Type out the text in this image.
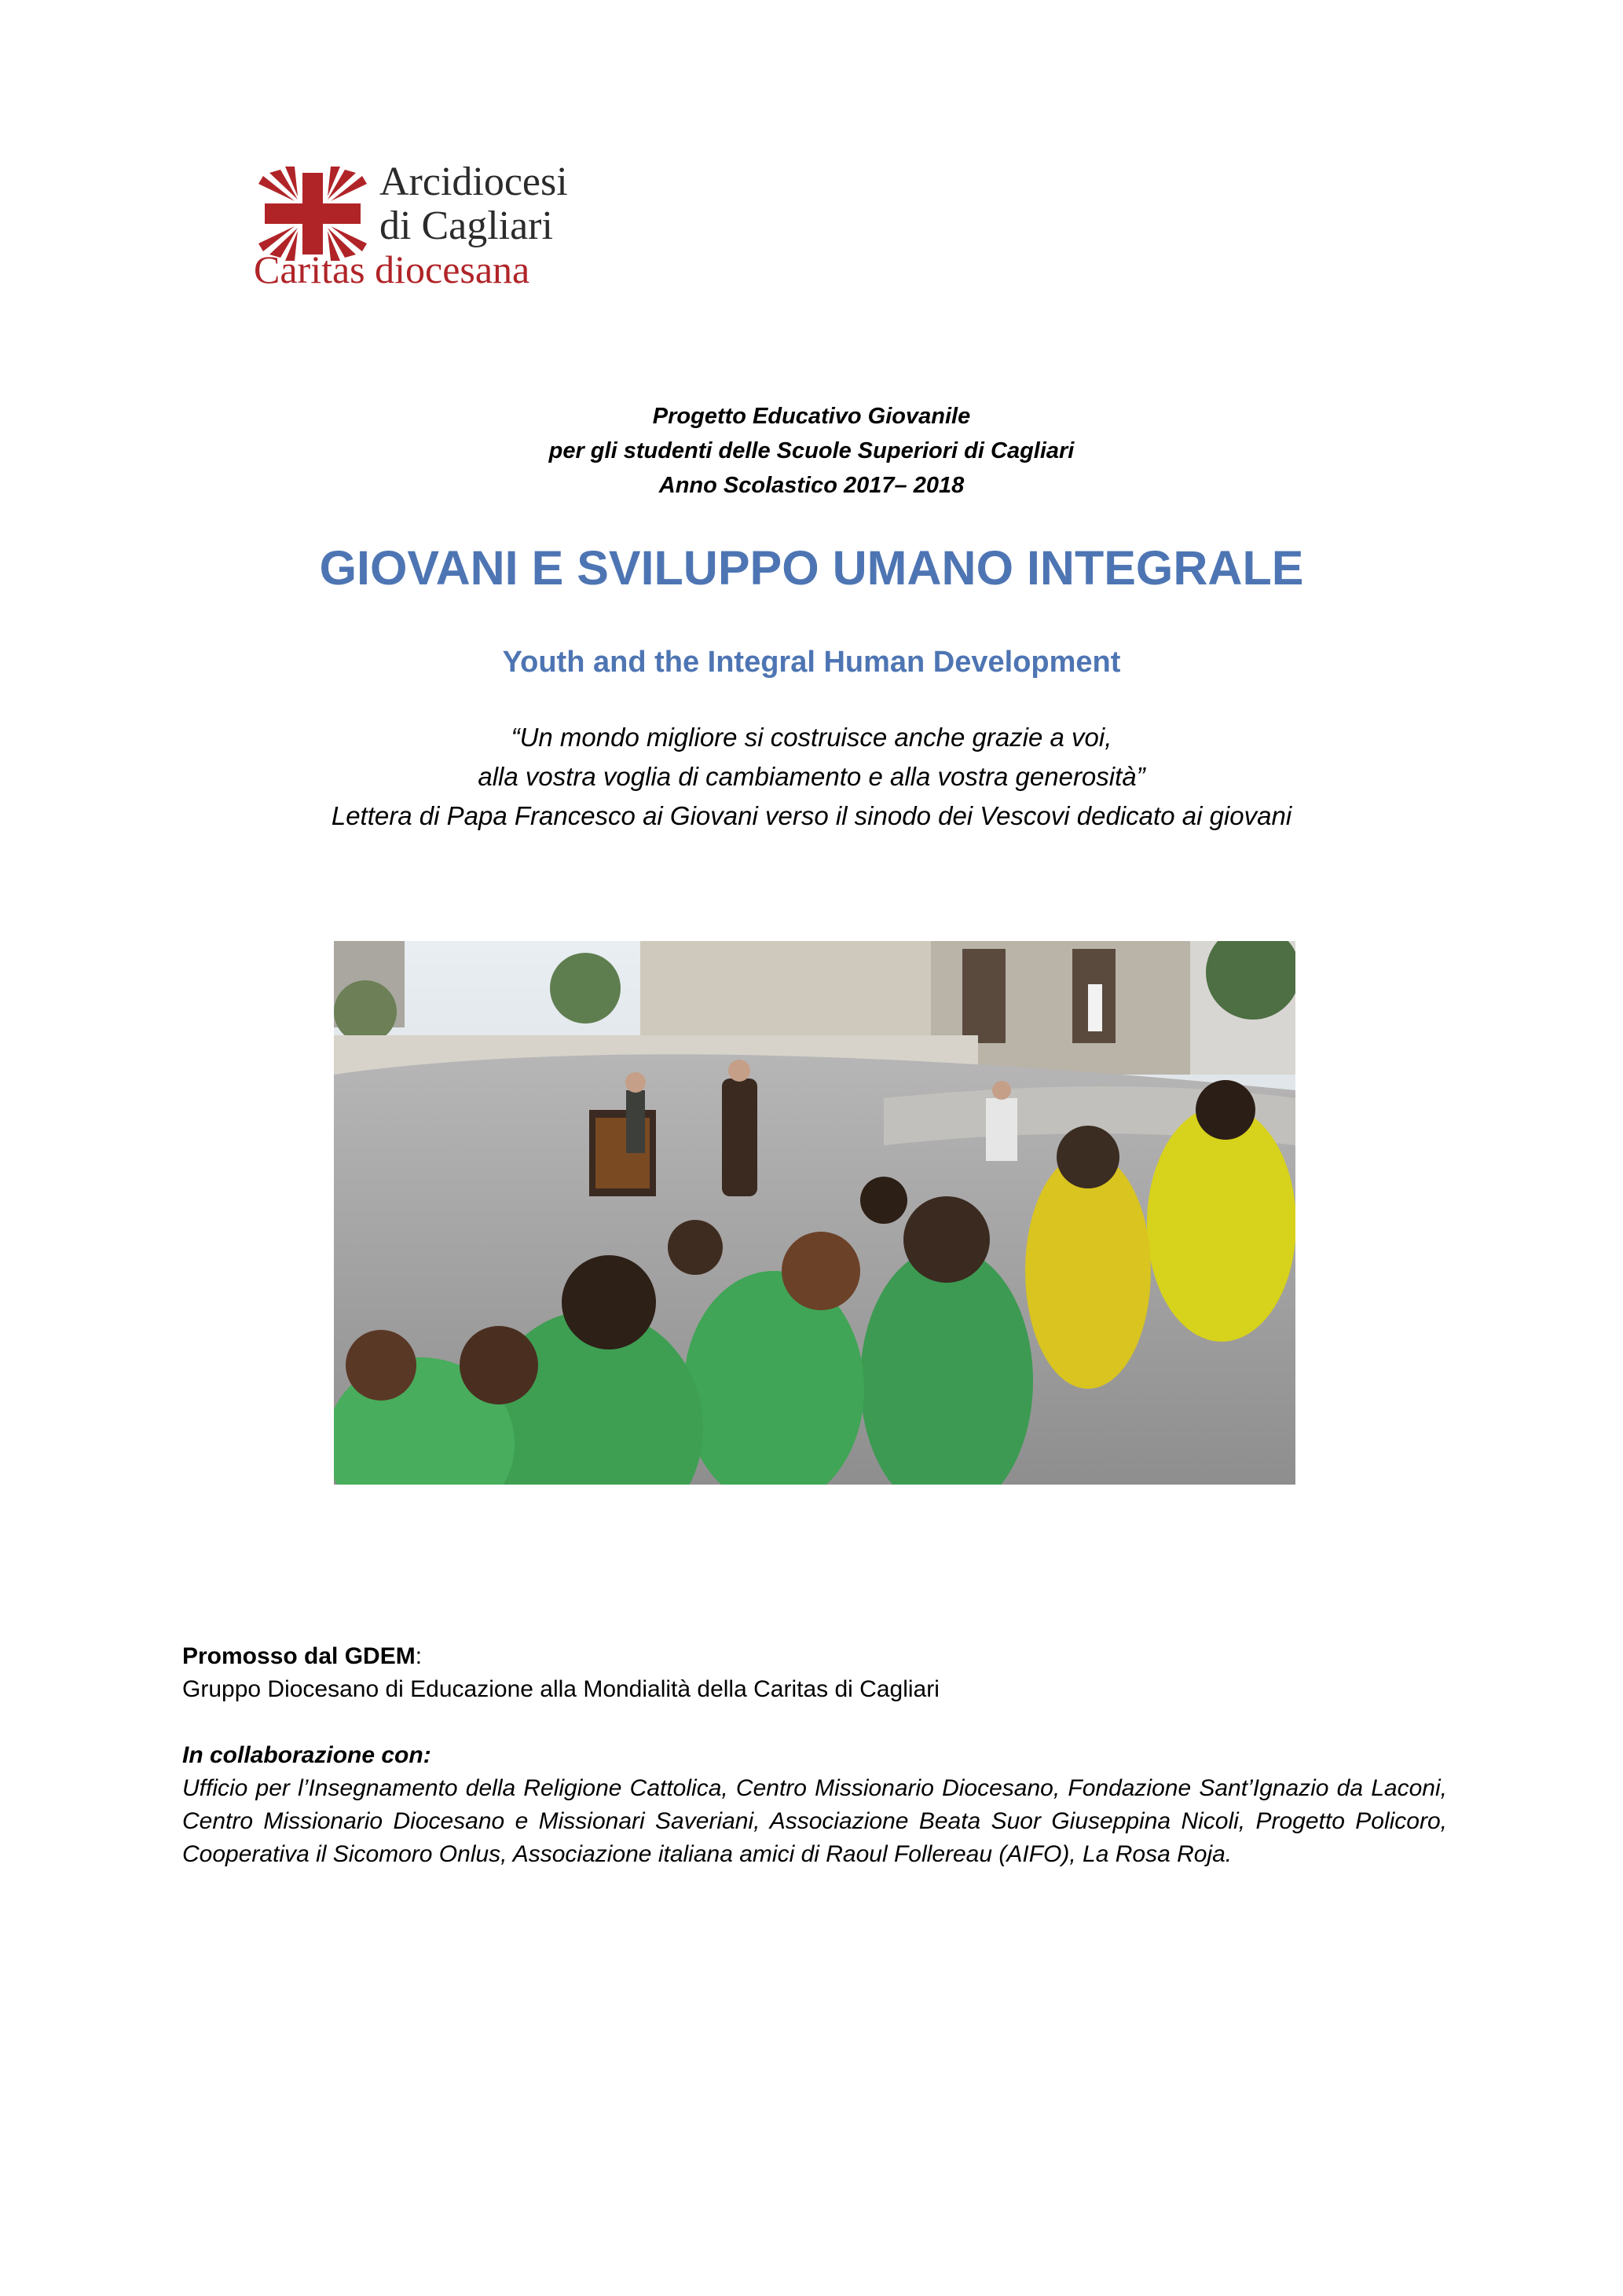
Arcidiocesi
di Cagliari
Caritas diocesana
Progetto Educativo Giovanile
per gli studenti delle Scuole Superiori di Cagliari
Anno Scolastico 2017– 2018
GIOVANI E SVILUPPO UMANO INTEGRALE
Youth and the Integral Human Development
“Un mondo migliore si costruisce anche grazie a voi,
alla vostra voglia di cambiamento e alla vostra generosità”
Lettera di Papa Francesco ai Giovani verso il sinodo dei Vescovi dedicato ai giovani
Promosso dal GDEM:
Gruppo Diocesano di Educazione alla Mondialità della Caritas di Cagliari
In collaborazione con:
Ufficio per l’Insegnamento della Religione Cattolica, Centro Missionario Diocesano, Fondazione Sant’Ignazio da Laconi, Centro Missionario Diocesano e Missionari Saveriani, Associazione Beata Suor Giuseppina Nicoli, Progetto Policoro, Cooperativa il Sicomoro Onlus, Associazione italiana amici di Raoul Follereau (AIFO), La Rosa Roja.
